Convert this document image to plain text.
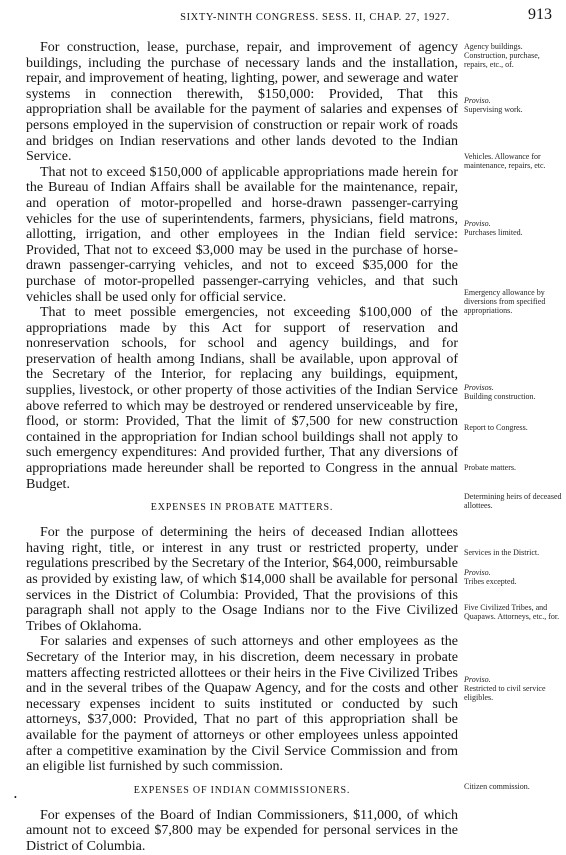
SIXTY-NINTH CONGRESS. SESS. II, CHAP. 27, 1927.	913

For construction, lease, purchase, repair, and improvement of agency buildings, including the purchase of necessary lands and the installation, repair, and improvement of heating, lighting, power, and sewerage and water systems in connection therewith, $150,000: Provided, That this appropriation shall be available for the payment of salaries and expenses of persons employed in the supervision of construction or repair work of roads and bridges on Indian reservations and other lands devoted to the Indian Service.

That not to exceed $150,000 of applicable appropriations made herein for the Bureau of Indian Affairs shall be available for the maintenance, repair, and operation of motor-propelled and horse-drawn passenger-carrying vehicles for the use of superintendents, farmers, physicians, field matrons, allotting, irrigation, and other employees in the Indian field service: Provided, That not to exceed $3,000 may be used in the purchase of horse-drawn passenger-carrying vehicles, and not to exceed $35,000 for the purchase of motor-propelled passenger-carrying vehicles, and that such vehicles shall be used only for official service.

That to meet possible emergencies, not exceeding $100,000 of the appropriations made by this Act for support of reservation and nonreservation schools, for school and agency buildings, and for preservation of health among Indians, shall be available, upon approval of the Secretary of the Interior, for replacing any buildings, equipment, supplies, livestock, or other property of those activities of the Indian Service above referred to which may be destroyed or rendered unserviceable by fire, flood, or storm: Provided, That the limit of $7,500 for new construction contained in the appropriation for Indian school buildings shall not apply to such emergency expenditures: And provided further, That any diversions of appropriations made hereunder shall be reported to Congress in the annual Budget.

EXPENSES IN PROBATE MATTERS.

For the purpose of determining the heirs of deceased Indian allottees having right, title, or interest in any trust or restricted property, under regulations prescribed by the Secretary of the Interior, $64,000, reimbursable as provided by existing law, of which $14,000 shall be available for personal services in the District of Columbia: Provided, That the provisions of this paragraph shall not apply to the Osage Indians nor to the Five Civilized Tribes of Oklahoma.

For salaries and expenses of such attorneys and other employees as the Secretary of the Interior may, in his discretion, deem necessary in probate matters affecting restricted allottees or their heirs in the Five Civilized Tribes and in the several tribes of the Quapaw Agency, and for the costs and other necessary expenses incident to suits instituted or conducted by such attorneys, $37,000: Provided, That no part of this appropriation shall be available for the payment of attorneys or other employees unless appointed after a competitive examination by the Civil Service Commission and from an eligible list furnished by such commission.

EXPENSES OF INDIAN COMMISSIONERS.

For expenses of the Board of Indian Commissioners, $11,000, of which amount not to exceed $7,800 may be expended for personal services in the District of Columbia.

•
Agency buildings. Construction, purchase, repairs, etc., of.
Proviso.
Supervising work.
Vehicles. Allowance for maintenance, repairs, etc.
Proviso.
Purchases limited.
Emergency allowance by diversions from specified appropriations.
Provisos.
Building construction.
Report to Congress.
Probate matters.
Determining heirs of deceased allottees.
Services in the District.
Proviso.
Tribes excepted.
Five Civilized Tribes, and Quapaws. Attorneys, etc., for.
Proviso.
Restricted to civil service eligibles.
Citizen commission.
